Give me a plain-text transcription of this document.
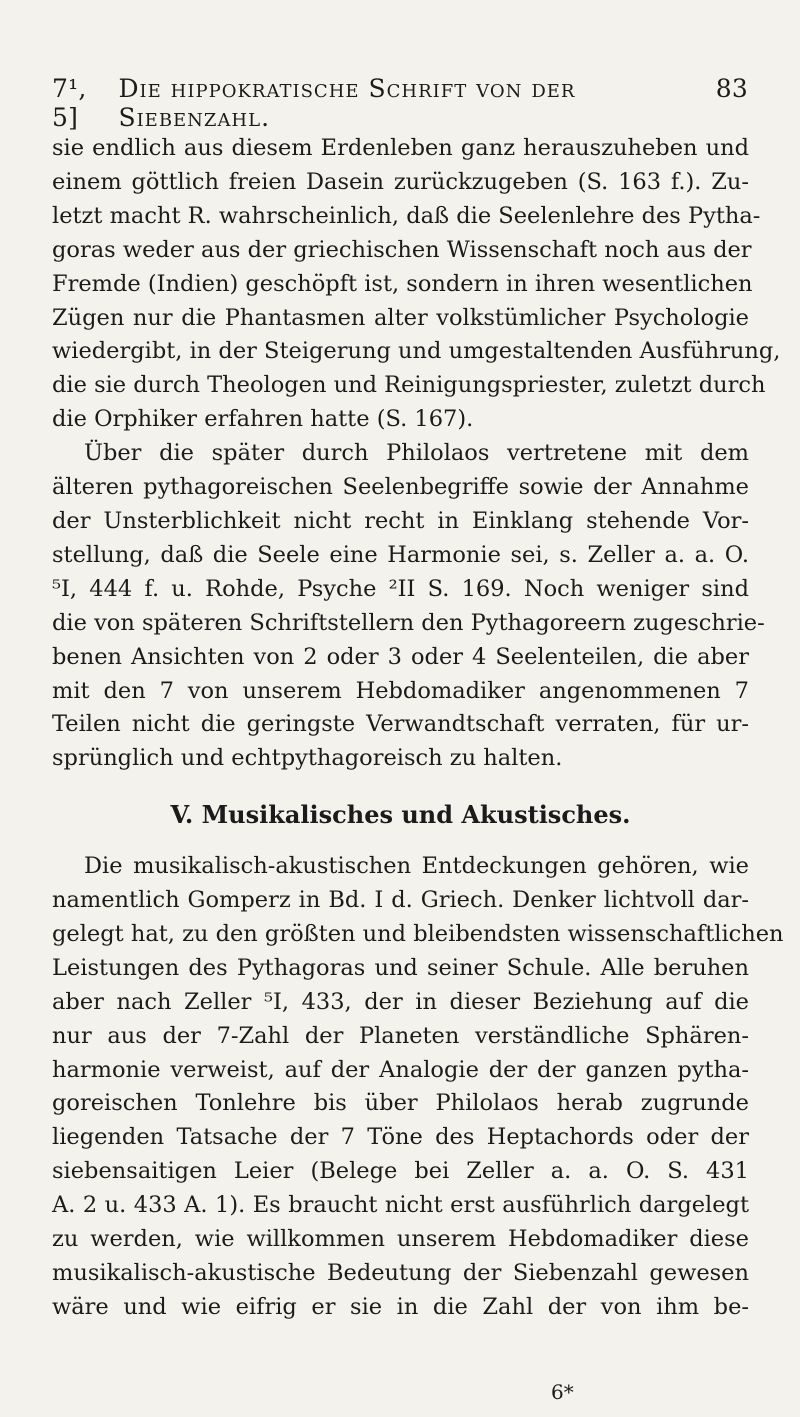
7¹, 5]
Die hippokratische Schrift von der Siebenzahl.
83
sie endlich aus diesem Erdenleben ganz herauszuheben und
einem göttlich freien Dasein zurückzugeben (S. 163 f.). Zu-
letzt macht R. wahrscheinlich, daß die Seelenlehre des Pytha-
goras weder aus der griechischen Wissenschaft noch aus der
Fremde (Indien) geschöpft ist, sondern in ihren wesentlichen
Zügen nur die Phantasmen alter volkstümlicher Psychologie
wiedergibt, in der Steigerung und umgestaltenden Ausführung,
die sie durch Theologen und Reinigungspriester, zuletzt durch
die Orphiker erfahren hatte (S. 167).
Über die später durch Philolaos vertretene mit dem
älteren pythagoreischen Seelenbegriffe sowie der Annahme
der Unsterblichkeit nicht recht in Einklang stehende Vor-
stellung, daß die Seele eine Harmonie sei, s. Zeller a. a. O.
⁵I, 444 f. u. Rohde, Psyche ²II S. 169. Noch weniger sind
die von späteren Schriftstellern den Pythagoreern zugeschrie-
benen Ansichten von 2 oder 3 oder 4 Seelenteilen, die aber
mit den 7 von unserem Hebdomadiker angenommenen 7
Teilen nicht die geringste Verwandtschaft verraten, für ur-
sprünglich und echtpythagoreisch zu halten.
V. Musikalisches und Akustisches.
Die musikalisch-akustischen Entdeckungen gehören, wie
namentlich Gomperz in Bd. I d. Griech. Denker lichtvoll dar-
gelegt hat, zu den größten und bleibendsten wissenschaftlichen
Leistungen des Pythagoras und seiner Schule. Alle beruhen
aber nach Zeller ⁵I, 433, der in dieser Beziehung auf die
nur aus der 7-Zahl der Planeten verständliche Sphären-
harmonie verweist, auf der Analogie der der ganzen pytha-
goreischen Tonlehre bis über Philolaos herab zugrunde
liegenden Tatsache der 7 Töne des Heptachords oder der
siebensaitigen Leier (Belege bei Zeller a. a. O. S. 431
A. 2 u. 433 A. 1). Es braucht nicht erst ausführlich dargelegt
zu werden, wie willkommen unserem Hebdomadiker diese
musikalisch-akustische Bedeutung der Siebenzahl gewesen
wäre und wie eifrig er sie in die Zahl der von ihm be-
6*
